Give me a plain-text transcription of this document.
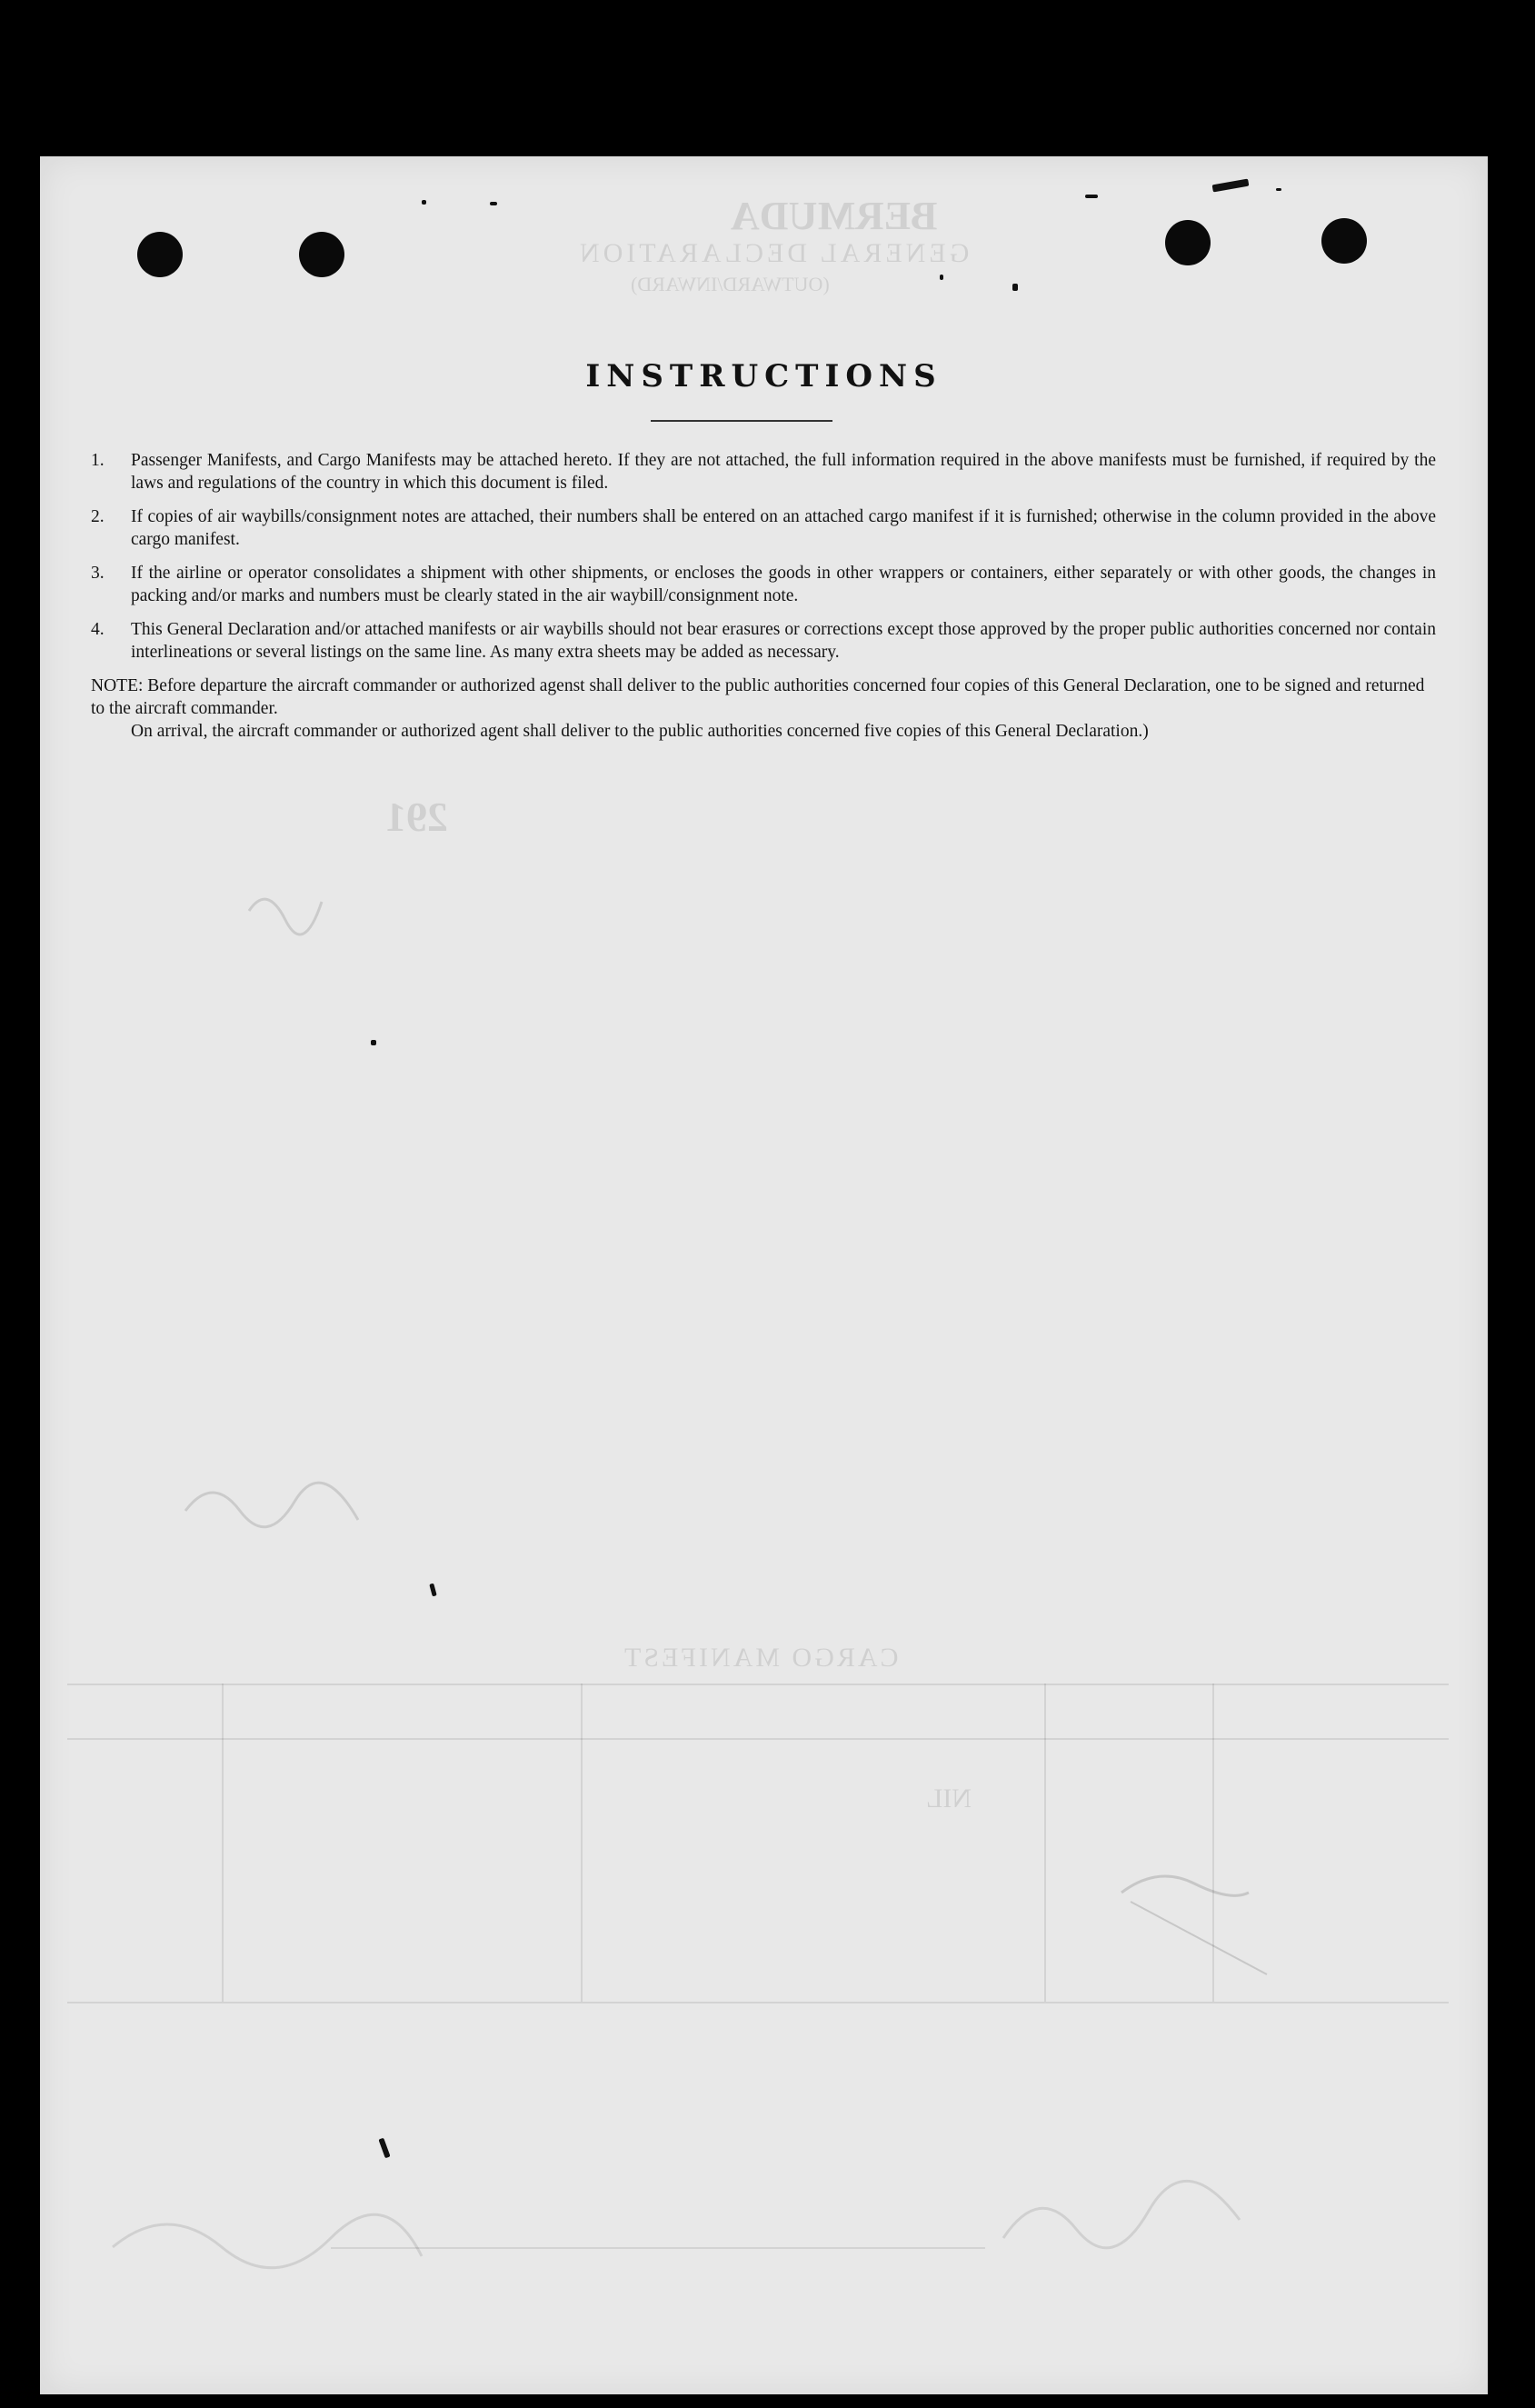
BERMUDA
GENERAL DECLARATION
(OUTWARD/INWARD)
291
CARGO MANIFEST
NIL
INSTRUCTIONS
1.	Passenger Manifests, and Cargo Manifests may be attached hereto. If they are not attached, the full information required in the above manifests must be furnished, if required by the laws and regulations of the country in which this document is filed.
2.	If copies of air waybills/consignment notes are attached, their numbers shall be entered on an attached cargo manifest if it is furnished; otherwise in the column provided in the above cargo manifest.
3.	If the airline or operator consolidates a shipment with other shipments, or encloses the goods in other wrappers or containers, either separately or with other goods, the changes in packing and/or marks and numbers must be clearly stated in the air waybill/consignment note.
4.	This General Declaration and/or attached manifests or air waybills should not bear erasures or corrections except those approved by the proper public authorities concerned nor contain interlineations or several listings on the same line. As many extra sheets may be added as necessary.
NOTE: Before departure the aircraft commander or authorized agenst shall deliver to the public authorities concerned four copies of this General Declaration, one to be signed and returned to the aircraft commander.
On arrival, the aircraft commander or authorized agent shall deliver to the public authorities concerned five copies of this General Declaration.)
